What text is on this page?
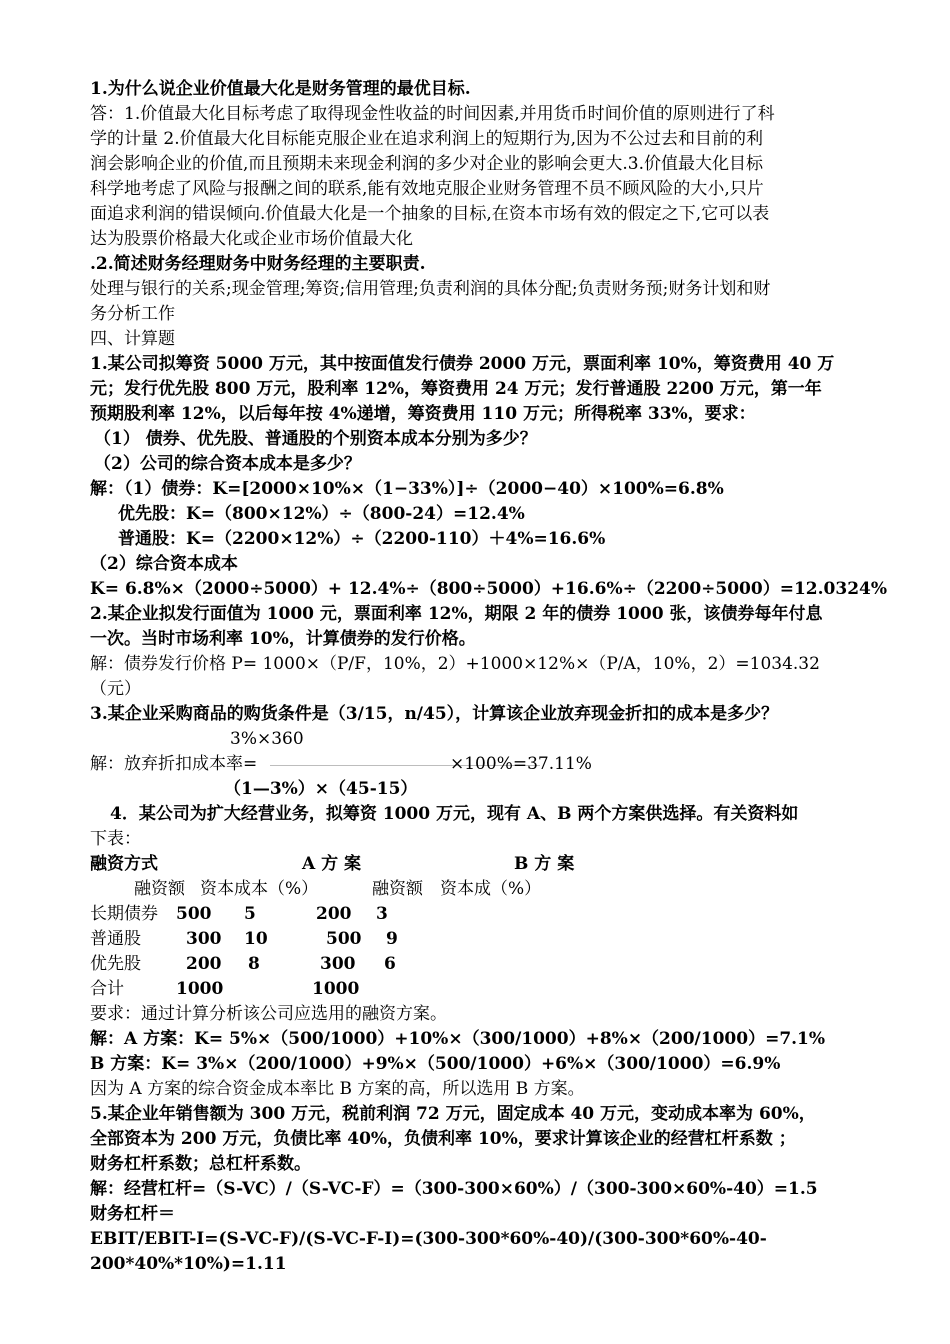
1.为什么说企业价值最大化是财务管理的最优目标.
答：1.价值最大化目标考虑了取得现金性收益的时间因素,并用货币时间价值的原则进行了科
学的计量 2.价值最大化目标能克服企业在追求利润上的短期行为,因为不公过去和目前的利
润会影响企业的价值,而且预期未来现金利润的多少对企业的影响会更大.3.价值最大化目标
科学地考虑了风险与报酬之间的联系,能有效地克服企业财务管理不员不顾风险的大小,只片
面追求利润的错误倾向.价值最大化是一个抽象的目标,在资本市场有效的假定之下,它可以表
达为股票价格最大化或企业市场价值最大化
.2.简述财务经理财务中财务经理的主要职责.
处理与银行的关系;现金管理;筹资;信用管理;负责利润的具体分配;负责财务预;财务计划和财
务分析工作
四、计算题
1.某公司拟筹资 5000 万元，其中按面值发行债券 2000 万元，票面利率 10%，筹资费用 40 万
元；发行优先股 800 万元，股利率 12%，筹资费用 24 万元；发行普通股 2200 万元，第一年
预期股利率 12%，以后每年按 4%递增，筹资费用 110 万元；所得税率 33%，要求：
（1） 债券、优先股、普通股的个别资本成本分别为多少？
（2）公司的综合资本成本是多少？
解：（1）债券：K=[2000×10%×（1−33%）]÷（2000−40）×100%=6.8%
优先股：K=（800×12%）÷（800-24）=12.4%
普通股：K=（2200×12%）÷（2200-110）＋4%=16.6%
（2）综合资本成本
K= 6.8%×（2000÷5000）+ 12.4%÷（800÷5000）+16.6%÷（2200÷5000）=12.0324%
2.某企业拟发行面值为 1000 元，票面利率 12%，期限 2 年的债券 1000 张，该债券每年付息
一次。当时市场利率 10%，计算债券的发行价格。
解：债券发行价格 P= 1000×（P/F，10%，2）+1000×12%×（P/A，10%，2）=1034.32
（元）
3.某企业采购商品的购货条件是（3/15，n/45），计算该企业放弃现金折扣的成本是多少？
3%×360
解：放弃折扣成本率=	×100%=37.11%
（1—3%）×（45-15）
4．某公司为扩大经营业务，拟筹资 1000 万元，现有 A、B 两个方案供选择。有关资料如
下表：
融资方式	A 方 案	B 方 案
融资额 资本成本（%）	融资额 资本成（%）
长期债券 500 5	200 3
普通股	300 10	500 9
优先股	200 8	300 6
合计	1000	1000
要求：通过计算分析该公司应选用的融资方案。
解：A 方案：K= 5%×（500/1000）+10%×（300/1000）+8%×（200/1000）=7.1%
B 方案：K= 3%×（200/1000）+9%×（500/1000）+6%×（300/1000）=6.9%
因为 A 方案的综合资金成本率比 B 方案的高，所以选用 B 方案。
5.某企业年销售额为 300 万元，税前利润 72 万元，固定成本 40 万元，变动成本率为 60%，
全部资本为 200 万元，负债比率 40%，负债利率 10%，要求计算该企业的经营杠杆系数 ；
财务杠杆系数；总杠杆系数。
解：经营杠杆=（S-VC）/（S-VC-F）=（300-300×60%）/（300-300×60%-40）=1.5
财务杠杆＝
EBIT/EBIT-I=(S-VC-F)/(S-VC-F-I)=(300-300*60%-40)/(300-300*60%-40-
200*40%*10%)=1.11
